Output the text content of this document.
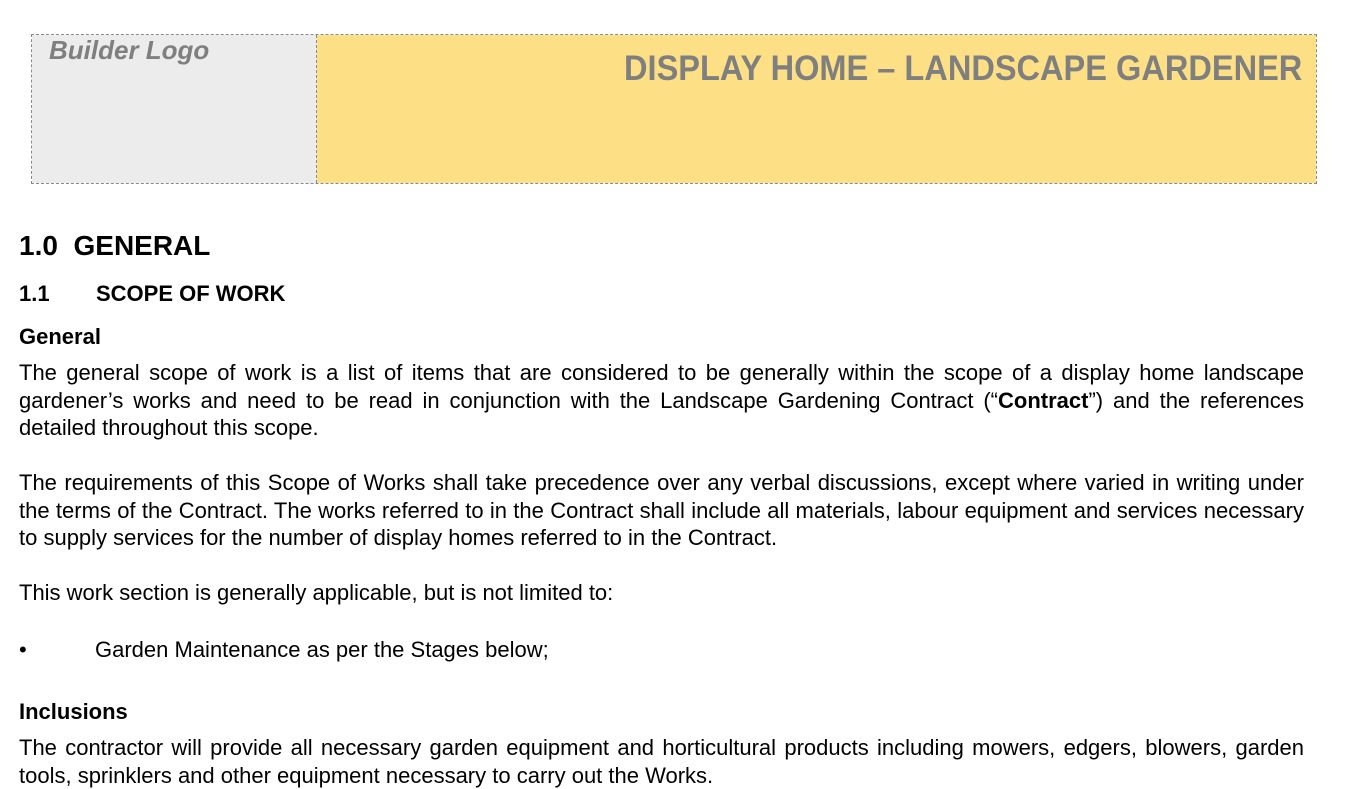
Builder Logo	DISPLAY HOME – LANDSCAPE GARDENER
1.0  GENERAL
1.1	SCOPE OF WORK
General
The general scope of work is a list of items that are considered to be generally within the scope of a display home landscape gardener’s works and need to be read in conjunction with the Landscape Gardening Contract (“Contract”) and the references detailed throughout this scope.
The requirements of this Scope of Works shall take precedence over any verbal discussions, except where varied in writing under the terms of the Contract. The works referred to in the Contract shall include all materials, labour equipment and services necessary to supply services for the number of display homes referred to in the Contract.
This work section is generally applicable, but is not limited to:
•	Garden Maintenance as per the Stages below;
Inclusions
The contractor will provide all necessary garden equipment and horticultural products including mowers, edgers, blowers, garden tools, sprinklers and other equipment necessary to carry out the Works.
